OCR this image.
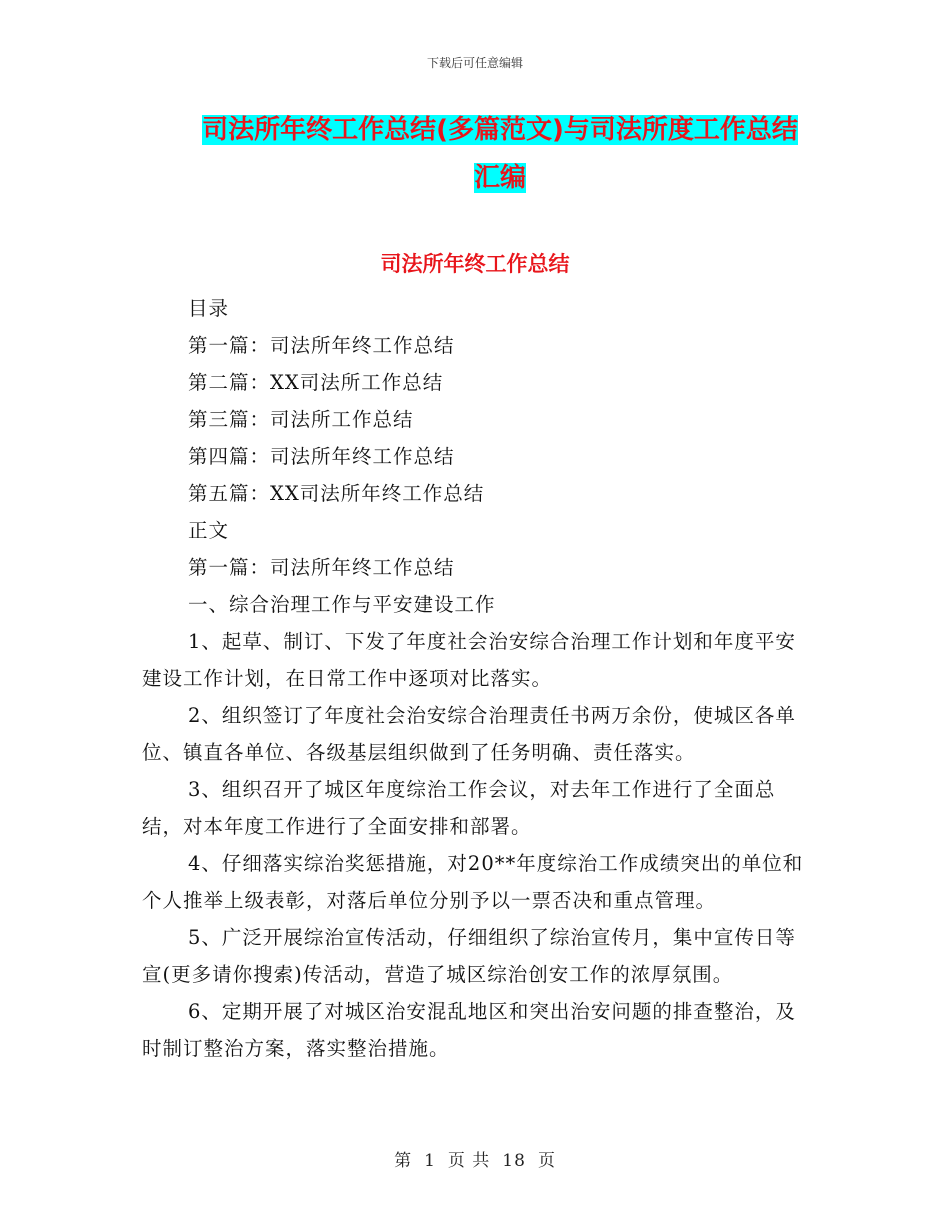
下载后可任意编辑
司法所年终工作总结(多篇范文)与司法所度工作总结
汇编
司法所年终工作总结

目录

第一篇：司法所年终工作总结

第二篇：XX司法所工作总结

第三篇：司法所工作总结

第四篇：司法所年终工作总结

第五篇：XX司法所年终工作总结

正文

第一篇：司法所年终工作总结

一、综合治理工作与平安建设工作

1、起草、制订、下发了年度社会治安综合治理工作计划和年度平安建设工作计划，在日常工作中逐项对比落实。

2、组织签订了年度社会治安综合治理责任书两万余份，使城区各单位、镇直各单位、各级基层组织做到了任务明确、责任落实。

3、组织召开了城区年度综治工作会议，对去年工作进行了全面总结，对本年度工作进行了全面安排和部署。

4、仔细落实综治奖惩措施，对20**年度综治工作成绩突出的单位和个人推举上级表彰，对落后单位分别予以一票否决和重点管理。

5、广泛开展综治宣传活动，仔细组织了综治宣传月，集中宣传日等宣(更多请你搜索)传活动，营造了城区综治创安工作的浓厚氛围。

6、定期开展了对城区治安混乱地区和突出治安问题的排查整治，及时制订整治方案，落实整治措施。

第 1 页 共 18 页
